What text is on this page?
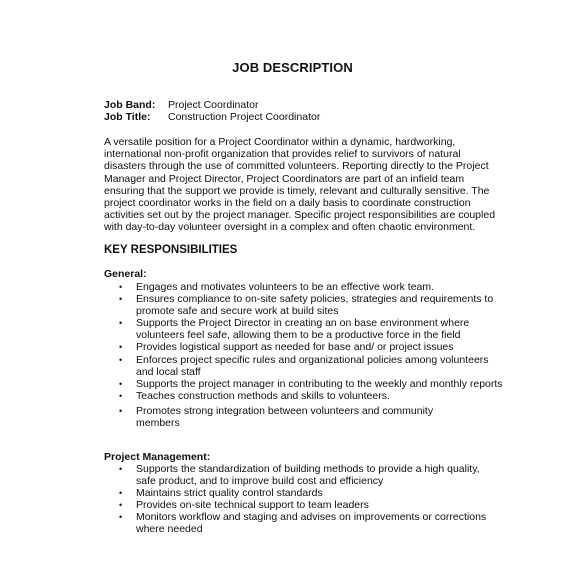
JOB DESCRIPTION
Job Band: Project Coordinator
Job Title: Construction Project Coordinator
A versatile position for a Project Coordinator within a dynamic, hardworking,
international non-profit organization that provides relief to survivors of natural
disasters through the use of committed volunteers. Reporting directly to the Project
Manager and Project Director, Project Coordinators are part of an infield team
ensuring that the support we provide is timely, relevant and culturally sensitive. The
project coordinator works in the field on a daily basis to coordinate construction
activities set out by the project manager. Specific project responsibilities are coupled
with day-to-day volunteer oversight in a complex and often chaotic environment.
KEY RESPONSIBILITIES
General:
• Engages and motivates volunteers to be an effective work team.
• Ensures compliance to on-site safety policies, strategies and requirements to
promote safe and secure work at build sites
• Supports the Project Director in creating an on base environment where
volunteers feel safe, allowing them to be a productive force in the field
• Provides logistical support as needed for base and/ or project issues
• Enforces project specific rules and organizational policies among volunteers
and local staff
• Supports the project manager in contributing to the weekly and monthly reports
• Teaches construction methods and skills to volunteers.
• Promotes strong integration between volunteers and community
members
Project Management:
• Supports the standardization of building methods to provide a high quality,
safe product, and to improve build cost and efficiency
• Maintains strict quality control standards
• Provides on-site technical support to team leaders
• Monitors workflow and staging and advises on improvements or corrections
where needed
